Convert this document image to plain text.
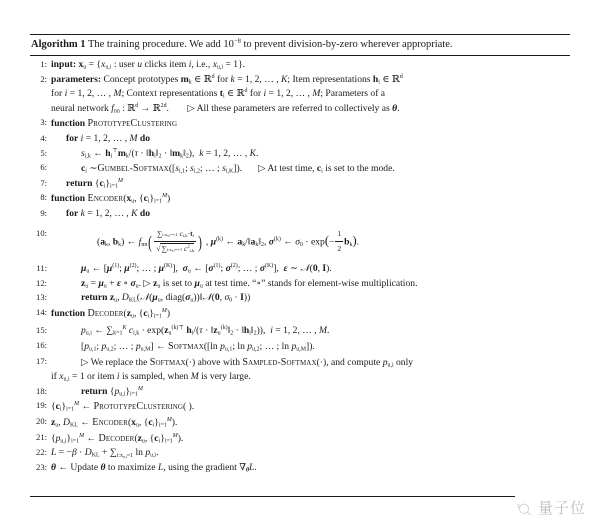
Algorithm 1 The training procedure. We add $10^{-8}$ to prevent division-by-zero wherever appropriate.
1: input: $x_u = \{x_{u,i}$ : user u clicks item i, i.e., $x_{u,i} = 1$}.
2: parameters: Concept prototypes $m_k$ ∈ ℝ$^d$ for k = 1, 2, … , K; Item representations $h_i$ ∈ ℝ$^d$
for i = 1, 2, … , M; Context representations $t_i$ ∈ ℝ$^d$ for i = 1, 2, … , M; Parameters of a
neural network $f_{nn}$ : ℝ$^d$ → ℝ$^{2d}$. ▷ All these parameters are referred to collectively as θ.
3: function PrototypeClustering
4:	for i = 1, 2, … , M do
5:	$s_{i,k}$ ← $h_i^⊤m_k/(\tau$ · $‖h_i‖_2$ · $‖m_k‖_2$),  k = 1, 2, … , K.
6:	$c_i$ $\sim Gumbel-Softmax([s_{i,1}$; $s_{i,2}$; … ; $s_{i,K}$]). ▷ At test time, $c_i$ is set to the mode.
7:	return $\{c_i\}_{i=1}^M$
8: function $Encoder(x_u$, $\{c_i\}_{i=1}^M$)
9:	for k = 1, 2, … , K do
10:
($a_k$, $b_k$) ← $f_{nn}( \frac{\sum i:x_{u,i}=+1 c_{i,k}\cdot t_i}{√\sum i:x_{u,i}=+1 c^2_{i,k}}$ ) , $\mu^{(k)}$ ← $a_k/‖a_k‖_2$, $\sigma^{(k)}$ ← $\sigma_0 \cdot \exp(- \frac{1}{2} b_k)$.
11:	$\mu_u$ ← [$\mu^{(1)}$; $\mu^{(2)}$; … ; $\mu^{(K)}$],  $\sigma_u$ ← [$\sigma^{(1)}$; $\sigma^{(2)}$; … ; $\sigma^{(K)}$],  ε ∼ 𝒩(0, I).
12:	$z_u = \mu_u + \varepsilon$ ∘ $\sigma_u$. ▷ $z_u$ is set to $\mu_u$ at test time. “∘” stands for element-wise multiplication.
13:	return $z_u$, $D_{KL}(𝒩(\mu_u$, $diag(\sigma_u))‖𝒩(0$, $\sigma_0 \cdot I$))
14: function $Decoder(z_u$, $\{c_i\}_{i=1}^M$)
15:	$p_{u,i}$ ← $\sum_{k=1}^K$ $c_{i,k} \cdot \exp(z_u^{(k)⊤}$ $h_i/(\tau$ · $‖z_u^{(k)}‖_2$ · $‖h_i‖_2$)),  i = 1, 2, … , M.
16:	[$p_{u,1}$; $p_{u,2}$; … ; $p_{u,M}$] ← Softmax([ln $p_{u,1}$; $\ln p_{u,2}$; … ; $\ln p_{u,M}$]).
17:	▷ We replace the Softmax(·) above with Sampled-Softmax(·), and compute $p_{u,i}$ only
if $x_{u,i} = 1$ or item i is sampled, when M is very large.
18:	return $\{p_{u,i}\}_{i=1}^M$
19: $\{c_i\}_{i=1}^M$ ← PrototypeClustering( ).
20: $z_u$, $D_{KL}$ ← $Encoder(x_u$, $\{c_i\}_{i=1}^M$).
21: $\{p_{u,i}\}_{i=1}^M$ ← $Decoder(z_u$, $\{c_i\}_{i=1}^M$).
22: $L = -\beta \cdot D_{KL} + \sum_{i:x_{u,i}=1}$ $\ln p_{u,i}$.
23: θ ← Update θ to maximize L, using the gradient $\nabla_\theta L$.
量子位
